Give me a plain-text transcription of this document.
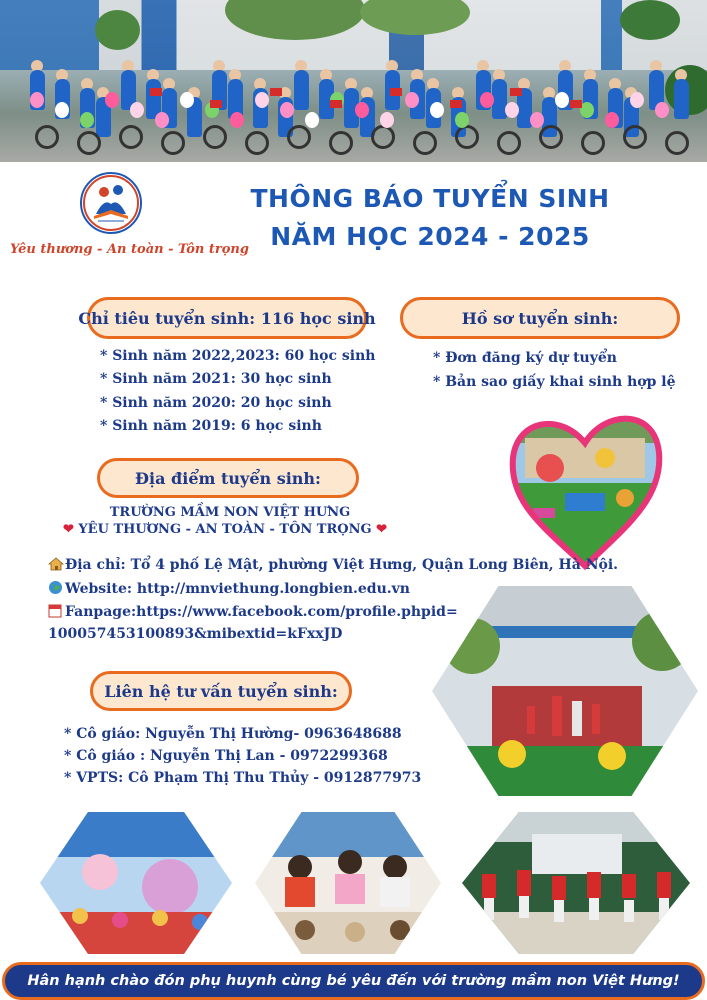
Yêu thương - An toàn - Tôn trọng
THÔNG BÁO TUYỂN SINH
NĂM HỌC 2024 - 2025
Chỉ tiêu tuyển sinh: 116 học sinh
* Sinh năm 2022,2023: 60 học sinh
* Sinh năm 2021: 30 học sinh
* Sinh năm 2020: 20 học sinh
* Sinh năm 2019: 6 học sinh
Hồ sơ tuyển sinh:
* Đơn đăng ký dự tuyển
* Bản sao giấy khai sinh hợp lệ
Địa điểm tuyển sinh:
TRƯỜNG MẦM NON VIỆT HƯNG
❤ YÊU THƯƠNG - AN TOÀN - TÔN TRỌNG ❤
Địa chỉ: Tổ 4 phố Lệ Mật, phường Việt Hưng, Quận Long Biên, Hà Nội.
Website: http://mnviethung.longbien.edu.vn
Fanpage:https://www.facebook.com/profile.phpid=
100057453100893&mibextid=kFxxJD
Liên hệ tư vấn tuyển sinh:
* Cô giáo: Nguyễn Thị Hường- 0963648688
* Cô giáo : Nguyễn Thị Lan - 0972299368
* VPTS: Cô Phạm Thị Thu Thủy - 0912877973
Hân hạnh chào đón phụ huynh cùng bé yêu đến với trường mầm non Việt Hưng!
